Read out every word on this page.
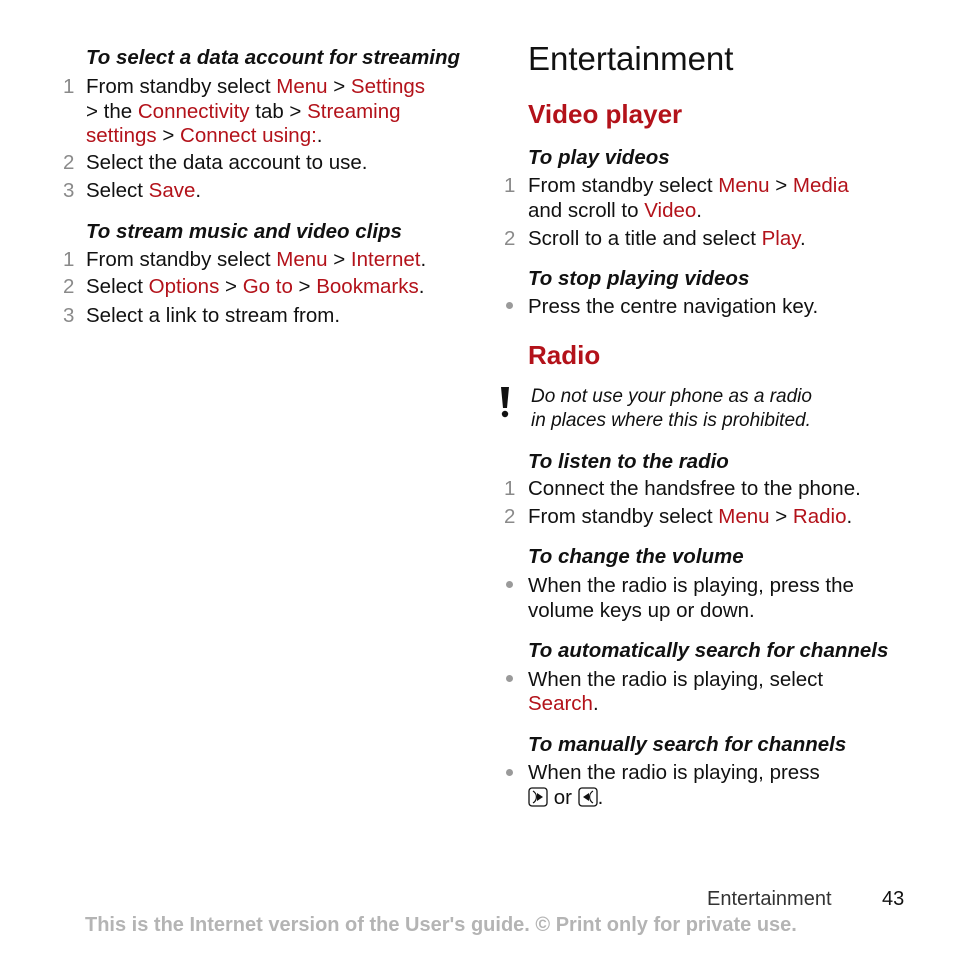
To select a data account for streaming
1 From standby select Menu > Settings
> the Connectivity tab > Streaming
settings > Connect using:.
2 Select the data account to use.
3 Select Save.
To stream music and video clips
1 From standby select Menu > Internet.
2 Select Options > Go to > Bookmarks.
3 Select a link to stream from.
Entertainment
Video player
To play videos
1 From standby select Menu > Media
and scroll to Video.
2 Scroll to a title and select Play.
To stop playing videos
Press the centre navigation key.
Radio
Do not use your phone as a radio
in places where this is prohibited.
To listen to the radio
1 Connect the handsfree to the phone.
2 From standby select Menu > Radio.
To change the volume
When the radio is playing, press the
volume keys up or down.
To automatically search for channels
When the radio is playing, select
Search.
To manually search for channels
When the radio is playing, press
or .
Entertainment	43
This is the Internet version of the User's guide. © Print only for private use.
